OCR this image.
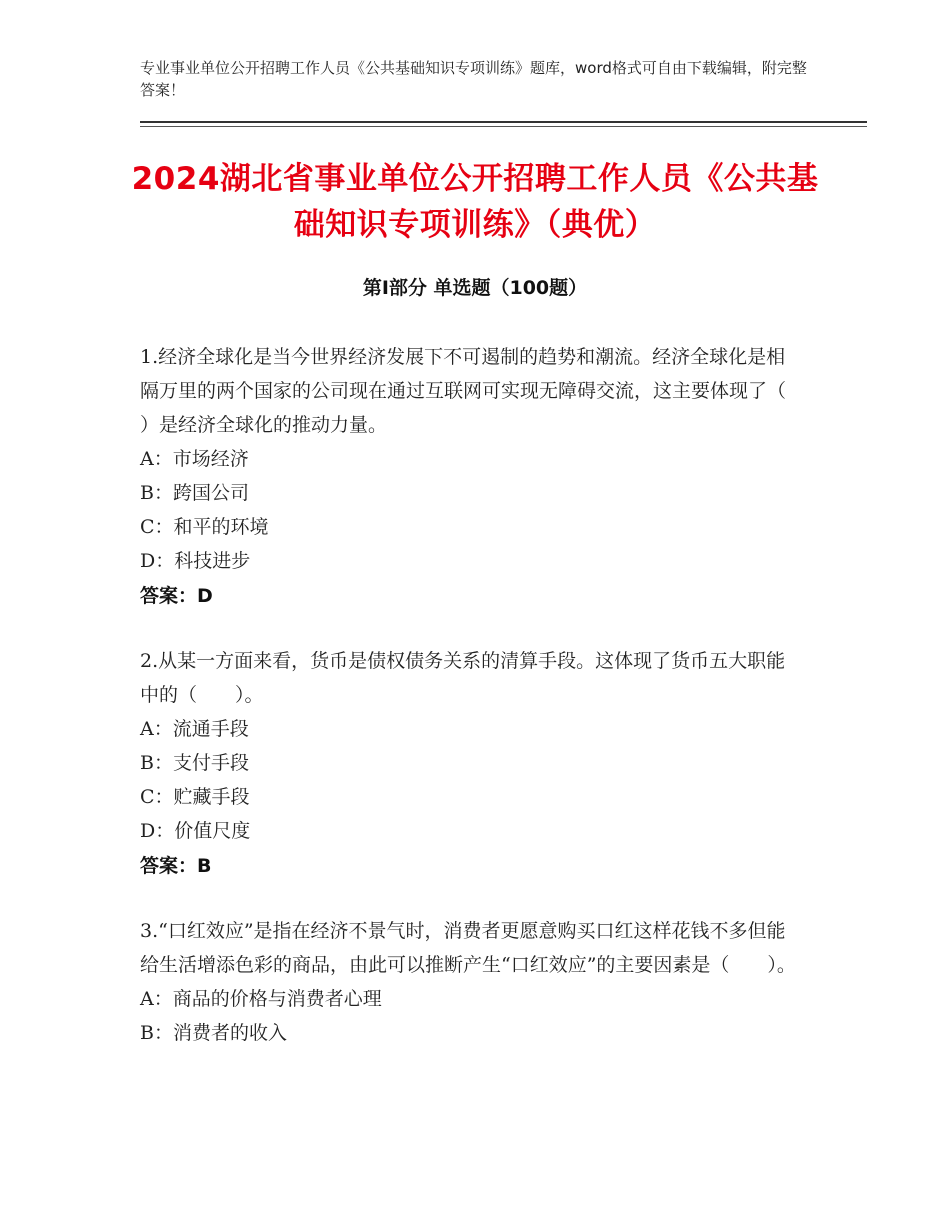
专业事业单位公开招聘工作人员《公共基础知识专项训练》题库，word格式可自由下载编辑，附完整答案！
2024湖北省事业单位公开招聘工作人员《公共基础知识专项训练》（典优）
第Ⅰ部分 单选题（100题）

1.经济全球化是当今世界经济发展下不可遏制的趋势和潮流。经济全球化是相隔万里的两个国家的公司现在通过互联网可实现无障碍交流，这主要体现了（　　）是经济全球化的推动力量。

A：市场经济

B：跨国公司

C：和平的环境

D：科技进步

答案：D

2.从某一方面来看，货币是债权债务关系的清算手段。这体现了货币五大职能中的（　　）。

A：流通手段

B：支付手段

C：贮藏手段

D：价值尺度

答案：B

3.“口红效应”是指在经济不景气时，消费者更愿意购买口红这样花钱不多但能给生活增添色彩的商品，由此可以推断产生“口红效应”的主要因素是（　　）。

A：商品的价格与消费者心理

B：消费者的收入
